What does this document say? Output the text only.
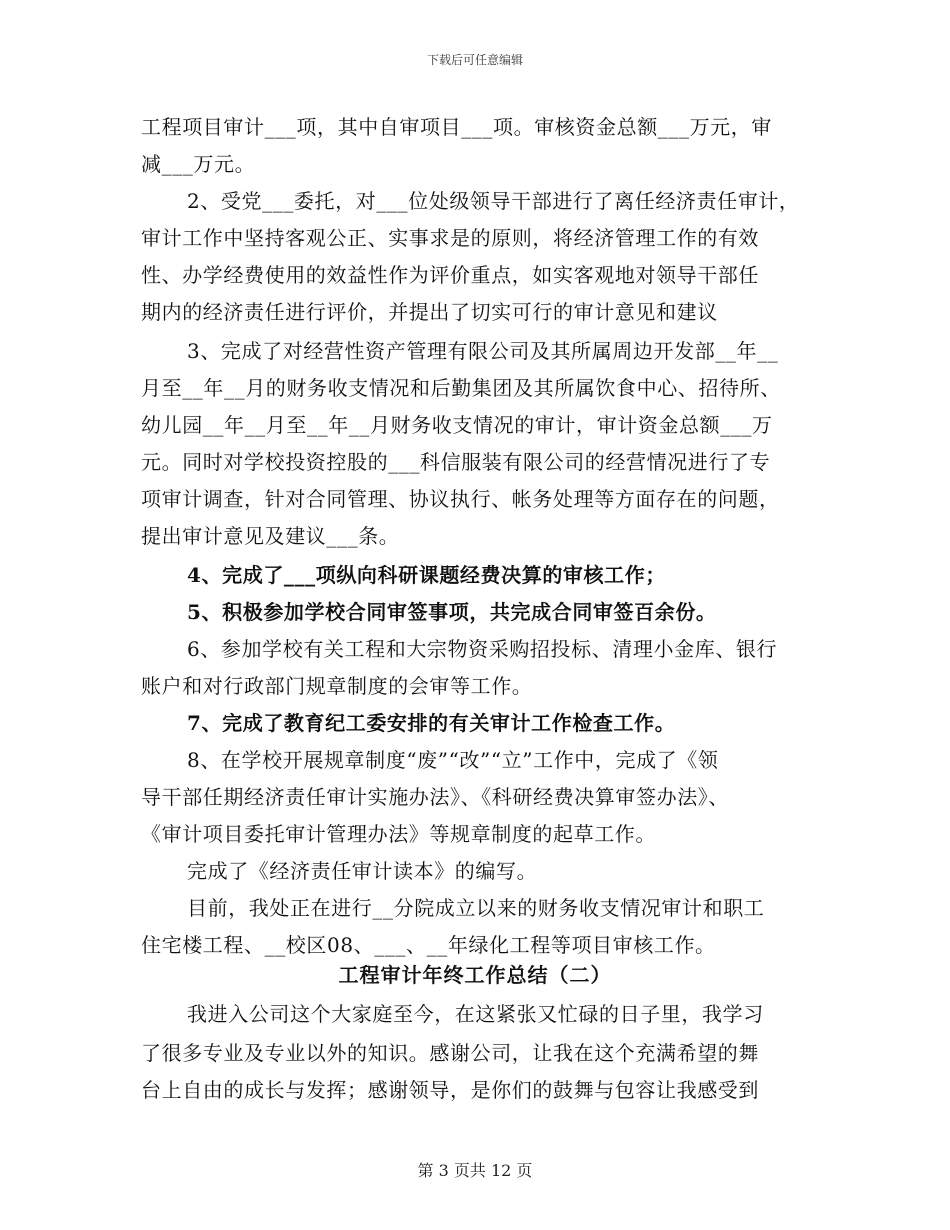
下载后可任意编辑
工程项目审计___项，其中自审项目___项。审核资金总额___万元，审
减___万元。
2、受党___委托，对___位处级领导干部进行了离任经济责任审计，
审计工作中坚持客观公正、实事求是的原则，将经济管理工作的有效
性、办学经费使用的效益性作为评价重点，如实客观地对领导干部任
期内的经济责任进行评价，并提出了切实可行的审计意见和建议
3、完成了对经营性资产管理有限公司及其所属周边开发部__年__
月至__年__月的财务收支情况和后勤集团及其所属饮食中心、招待所、
幼儿园__年__月至__年__月财务收支情况的审计，审计资金总额___万
元。同时对学校投资控股的___科信服装有限公司的经营情况进行了专
项审计调查，针对合同管理、协议执行、帐务处理等方面存在的问题，
提出审计意见及建议___条。
4、完成了___项纵向科研课题经费决算的审核工作；
5、积极参加学校合同审签事项，共完成合同审签百余份。
6、参加学校有关工程和大宗物资采购招投标、清理小金库、银行
账户和对行政部门规章制度的会审等工作。
7、完成了教育纪工委安排的有关审计工作检查工作。
8、在学校开展规章制度“废”“改”“立”工作中，完成了《领
导干部任期经济责任审计实施办法》、《科研经费决算审签办法》、
《审计项目委托审计管理办法》等规章制度的起草工作。
完成了《经济责任审计读本》的编写。
目前，我处正在进行__分院成立以来的财务收支情况审计和职工
住宅楼工程、__校区08、___、__年绿化工程等项目审核工作。
工程审计年终工作总结（二）
我进入公司这个大家庭至今，在这紧张又忙碌的日子里，我学习
了很多专业及专业以外的知识。感谢公司，让我在这个充满希望的舞
台上自由的成长与发挥；感谢领导，是你们的鼓舞与包容让我感受到
第 3 页共 12 页
